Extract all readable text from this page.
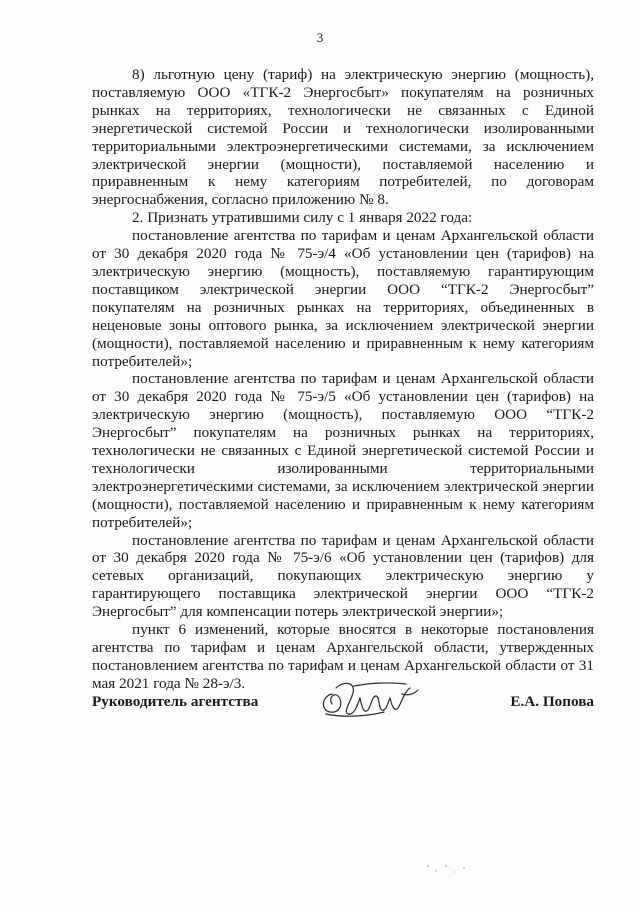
3

8) льготную цену (тариф) на электрическую энергию (мощность), поставляемую ООО «ТГК-2 Энергосбыт» покупателям на розничных рынках на территориях, технологически не связанных с Единой энергетической системой России и технологически изолированными территориальными электроэнергетическими системами, за исключением электрической энергии (мощности), поставляемой населению и приравненным к нему категориям потребителей, по договорам энергоснабжения, согласно приложению № 8.

2. Признать утратившими силу с 1 января 2022 года:

постановление агентства по тарифам и ценам Архангельской области от 30 декабря 2020 года № 75-э/4 «Об установлении цен (тарифов) на электрическую энергию (мощность), поставляемую гарантирующим поставщиком электрической энергии ООО “ТГК-2 Энергосбыт” покупателям на розничных рынках на территориях, объединенных в неценовые зоны оптового рынка, за исключением электрической энергии (мощности), поставляемой населению и приравненным к нему категориям потребителей»;

постановление агентства по тарифам и ценам Архангельской области от 30 декабря 2020 года № 75-э/5 «Об установлении цен (тарифов) на электрическую энергию (мощность), поставляемую ООО “ТГК-2 Энергосбыт” покупателям на розничных рынках на территориях, технологически не связанных с Единой энергетической системой России и технологически изолированными территориальными электроэнергетическими системами, за исключением электрической энергии (мощности), поставляемой населению и приравненным к нему категориям потребителей»;

постановление агентства по тарифам и ценам Архангельской области от 30 декабря 2020 года № 75-э/6 «Об установлении цен (тарифов) для сетевых организаций, покупающих электрическую энергию у гарантирующего поставщика электрической энергии ООО “ТГК-2 Энергосбыт” для компенсации потерь электрической энергии»;

пункт 6 изменений, которые вносятся в некоторые постановления агентства по тарифам и ценам Архангельской области, утвержденных постановлением агентства по тарифам и ценам Архангельской области от 31 мая 2021 года № 28-э/3.

Руководитель агентства	Е.А. Попова
